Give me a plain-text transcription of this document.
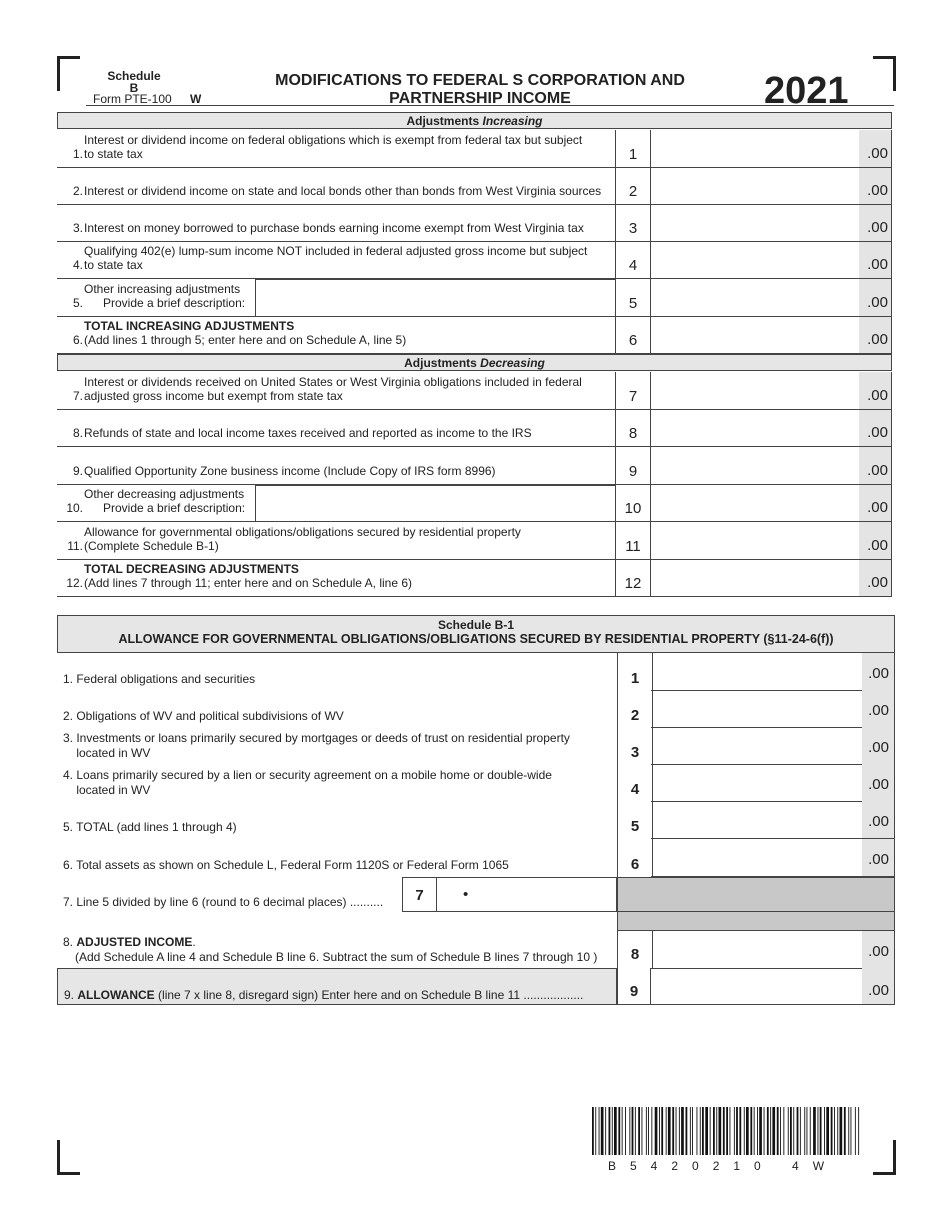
Schedule
B
Form PTE-100 W
MODIFICATIONS TO FEDERAL S CORPORATION AND
PARTNERSHIP INCOME	2021
Adjustments Increasing
1.
Interest or dividend income on federal obligations which is exempt from federal tax but subject
to state tax	1	.00
2. Interest or dividend income on state and local bonds other than bonds from West Virginia sources	2	.00
3. Interest on money borrowed to purchase bonds earning income exempt from West Virginia tax	3	.00
4.
Qualifying 402(e) lump-sum income NOT included in federal adjusted gross income but subject
to state tax	4	.00
5.
Other increasing adjustments
Provide a brief description:	5	.00
6.
TOTAL INCREASING ADJUSTMENTS
(Add lines 1 through 5; enter here and on Schedule A, line 5)	6	.00
Adjustments Decreasing
7.
Interest or dividends received on United States or West Virginia obligations included in federal
adjusted gross income but exempt from state tax	7	.00
8. Refunds of state and local income taxes received and reported as income to the IRS	8	.00
9. Qualified Opportunity Zone business income (Include Copy of IRS form 8996)	9	.00
10.
Other decreasing adjustments
Provide a brief description:	10	.00
11.
Allowance for governmental obligations/obligations secured by residential property
(Complete Schedule B-1)	11	.00
12.
TOTAL DECREASING ADJUSTMENTS
(Add lines 7 through 11; enter here and on Schedule A, line 6)	12	.00
Schedule B-1
ALLOWANCE FOR GOVERNMENTAL OBLIGATIONS/OBLIGATIONS SECURED BY RESIDENTIAL PROPERTY (§11-24-6(f))
1. Federal obligations and securities	1	.00
2. Obligations of WV and political subdivisions of WV	2	.00
3. Investments or loans primarily secured by mortgages or deeds of trust on residential property
located in WV	3	.00
4. Loans primarily secured by a lien or security agreement on a mobile home or double-wide
located in WV	4	.00
5. TOTAL (add lines 1 through 4)	5	.00
6. Total assets as shown on Schedule L, Federal Form 1120S or Federal Form 1065	6	.00
7. Line 5 divided by line 6 (round to 6 decimal places) ..........	7	•
8. ADJUSTED INCOME.
(Add Schedule A line 4 and Schedule B line 6. Subtract the sum of Schedule B lines 7 through 10 )	8	.00
9. ALLOWANCE (line 7 x line 8, disregard sign) Enter here and on Schedule B line 11 ..................	9	.00
B5420210 4W
